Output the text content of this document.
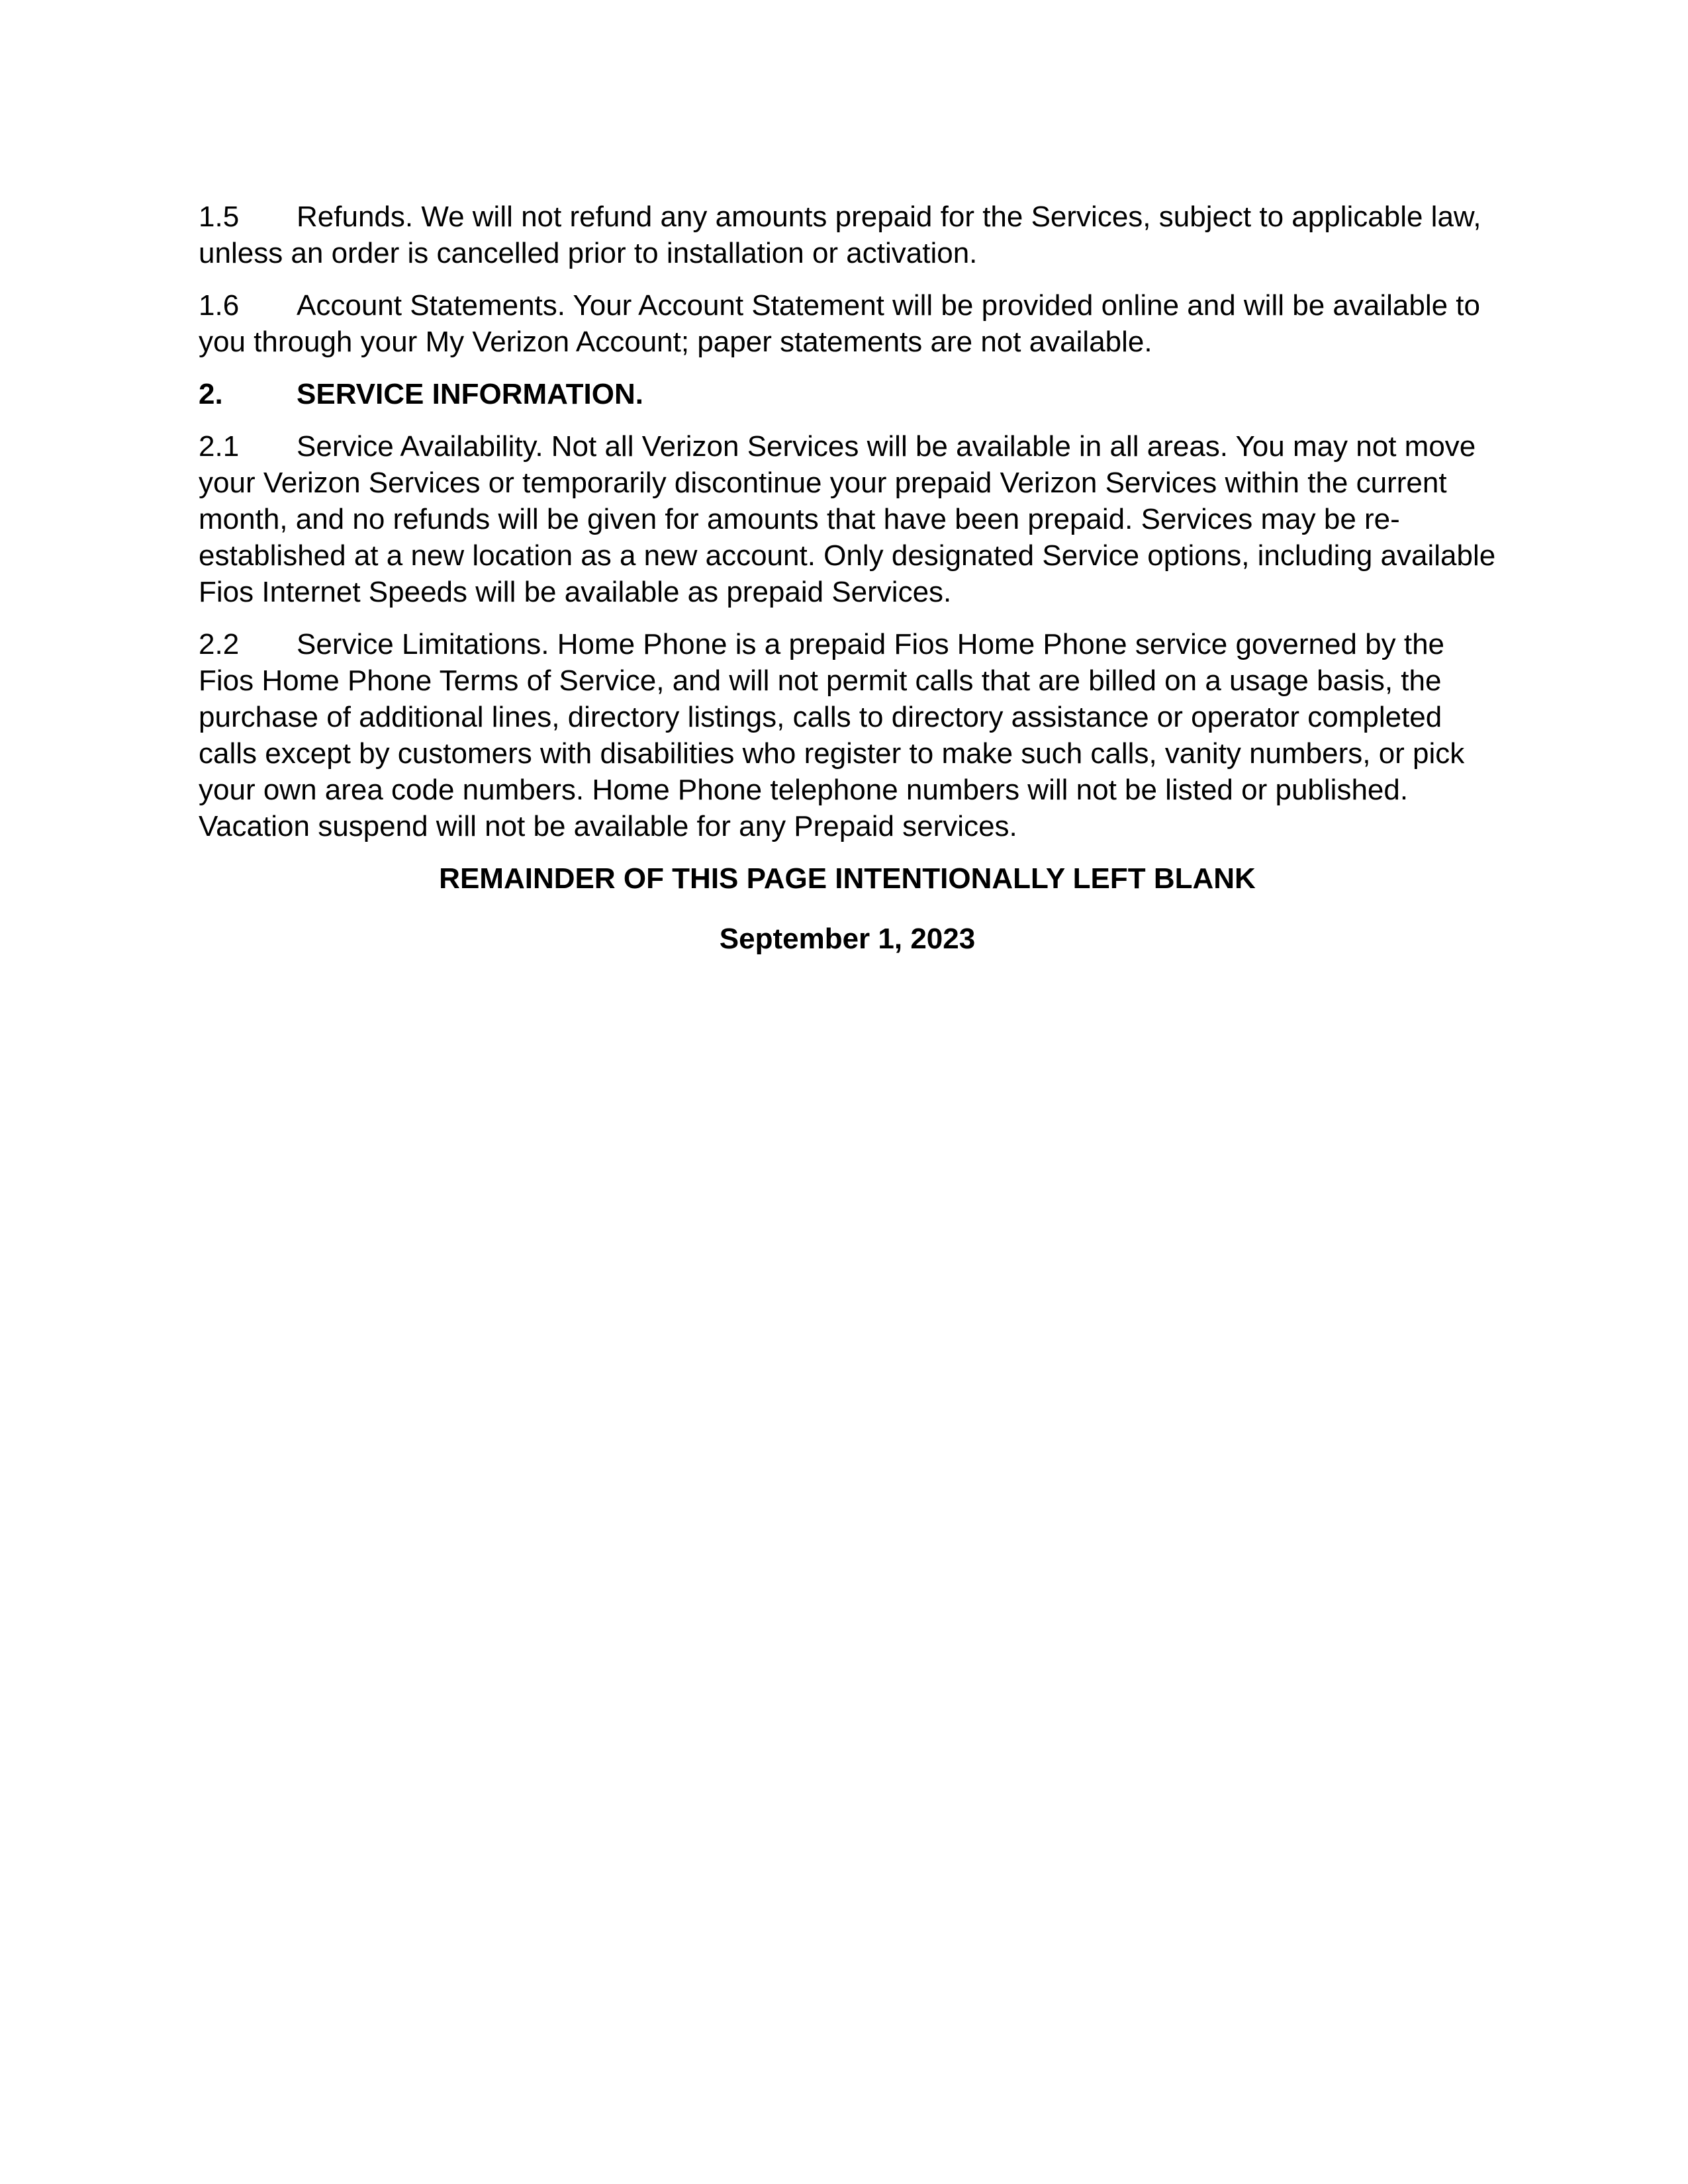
1.5 Refunds. We will not refund any amounts prepaid for the Services, subject to applicable law, unless an order is cancelled prior to installation or activation.

1.6 Account Statements. Your Account Statement will be provided online and will be available to you through your My Verizon Account; paper statements are not available.

2.	SERVICE INFORMATION.

2.1 Service Availability. Not all Verizon Services will be available in all areas. You may not move your Verizon Services or temporarily discontinue your prepaid Verizon Services within the current month, and no refunds will be given for amounts that have been prepaid. Services may be re-established at a new location as a new account. Only designated Service options, including available Fios Internet Speeds will be available as prepaid Services.

2.2 Service Limitations. Home Phone is a prepaid Fios Home Phone service governed by the Fios Home Phone Terms of Service, and will not permit calls that are billed on a usage basis, the purchase of additional lines, directory listings, calls to directory assistance or operator completed calls except by customers with disabilities who register to make such calls, vanity numbers, or pick your own area code numbers. Home Phone telephone numbers will not be listed or published. Vacation suspend will not be available for any Prepaid services.

REMAINDER OF THIS PAGE INTENTIONALLY LEFT BLANK

September 1, 2023
